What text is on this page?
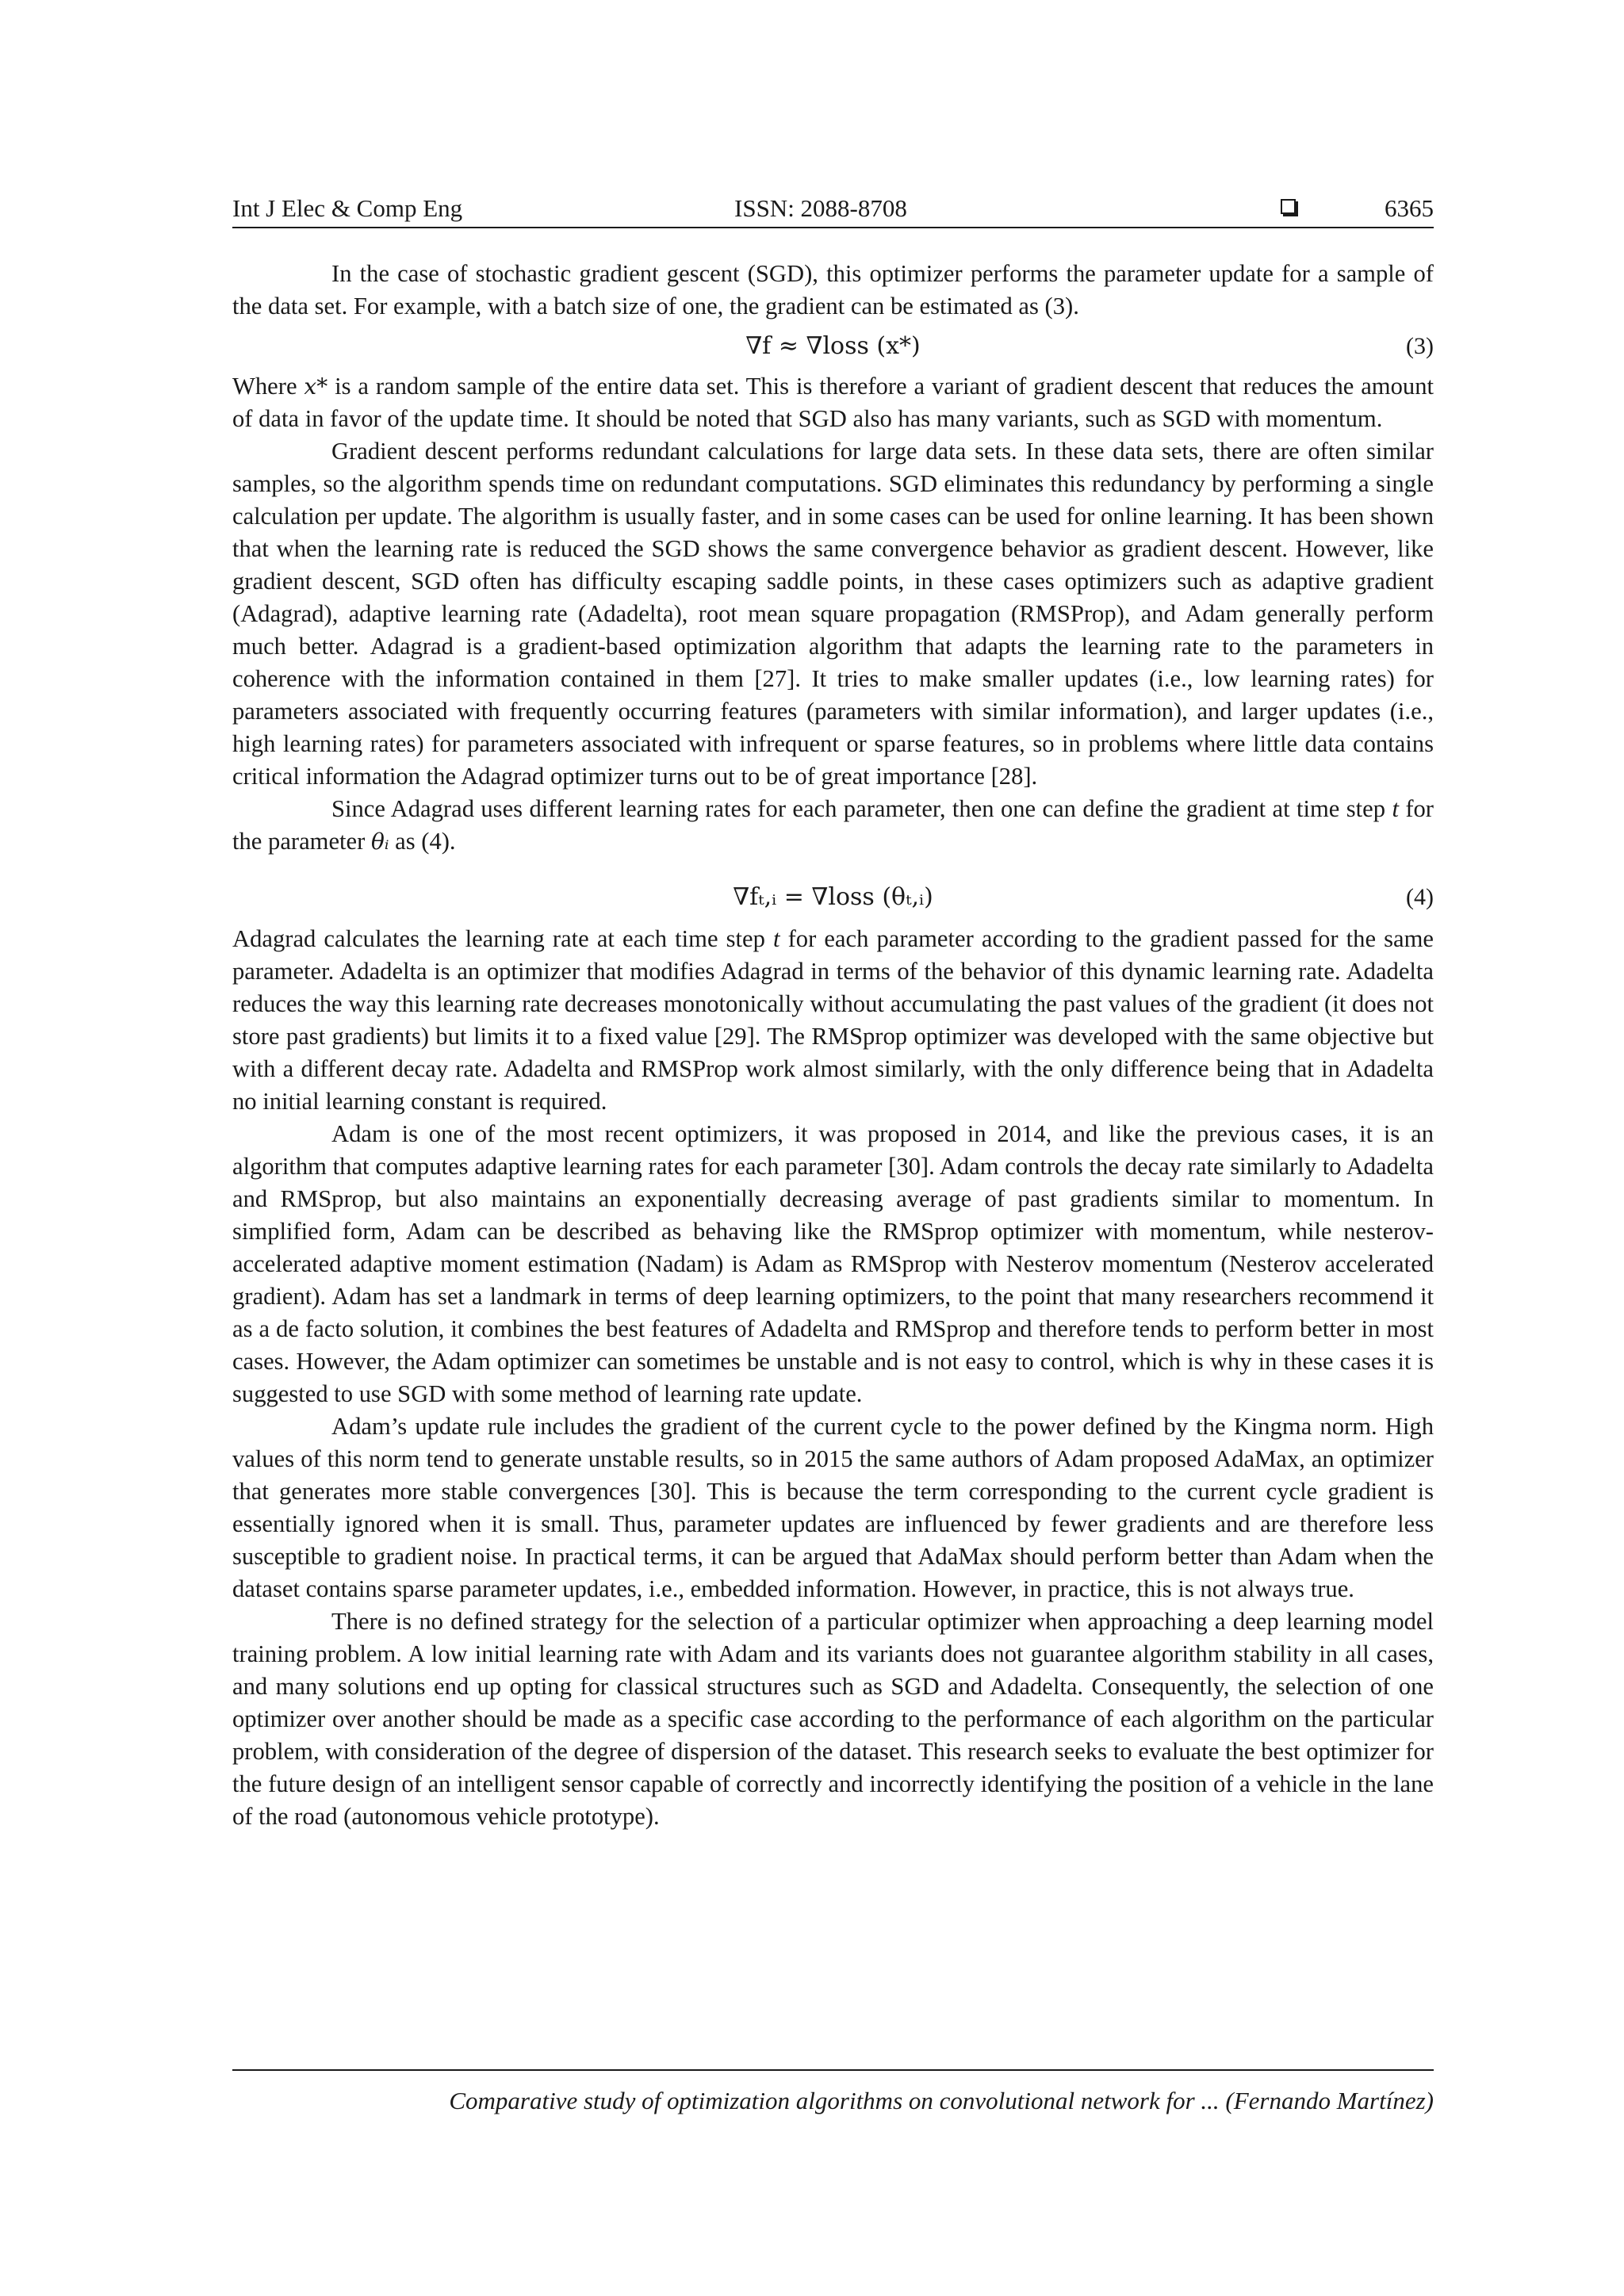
Int J Elec & Comp Eng	ISSN: 2088-8708	6365

In the case of stochastic gradient gescent (SGD), this optimizer performs the parameter update for a sample of the data set. For example, with a batch size of one, the gradient can be estimated as (3).

∇f ≈ ∇loss (x*)	(3)

Where x* is a random sample of the entire data set. This is therefore a variant of gradient descent that reduces the amount of data in favor of the update time. It should be noted that SGD also has many variants, such as SGD with momentum.

Gradient descent performs redundant calculations for large data sets. In these data sets, there are often similar samples, so the algorithm spends time on redundant computations. SGD eliminates this redundancy by performing a single calculation per update. The algorithm is usually faster, and in some cases can be used for online learning. It has been shown that when the learning rate is reduced the SGD shows the same convergence behavior as gradient descent. However, like gradient descent, SGD often has difficulty escaping saddle points, in these cases optimizers such as adaptive gradient (Adagrad), adaptive learning rate (Adadelta), root mean square propagation (RMSProp), and Adam generally perform much better. Adagrad is a gradient-based optimization algorithm that adapts the learning rate to the parameters in coherence with the information contained in them [27]. It tries to make smaller updates (i.e., low learning rates) for parameters associated with frequently occurring features (parameters with similar information), and larger updates (i.e., high learning rates) for parameters associated with infrequent or sparse features, so in problems where little data contains critical information the Adagrad optimizer turns out to be of great importance [28].

Since Adagrad uses different learning rates for each parameter, then one can define the gradient at time step t for the parameter θᵢ as (4).

∇fₜ,ᵢ = ∇loss (θₜ,ᵢ)	(4)

Adagrad calculates the learning rate at each time step t for each parameter according to the gradient passed for the same parameter. Adadelta is an optimizer that modifies Adagrad in terms of the behavior of this dynamic learning rate. Adadelta reduces the way this learning rate decreases monotonically without accumulating the past values of the gradient (it does not store past gradients) but limits it to a fixed value [29]. The RMSprop optimizer was developed with the same objective but with a different decay rate. Adadelta and RMSProp work almost similarly, with the only difference being that in Adadelta no initial learning constant is required.

Adam is one of the most recent optimizers, it was proposed in 2014, and like the previous cases, it is an algorithm that computes adaptive learning rates for each parameter [30]. Adam controls the decay rate similarly to Adadelta and RMSprop, but also maintains an exponentially decreasing average of past gradients similar to momentum. In simplified form, Adam can be described as behaving like the RMSprop optimizer with momentum, while nesterov-accelerated adaptive moment estimation (Nadam) is Adam as RMSprop with Nesterov momentum (Nesterov accelerated gradient). Adam has set a landmark in terms of deep learning optimizers, to the point that many researchers recommend it as a de facto solution, it combines the best features of Adadelta and RMSprop and therefore tends to perform better in most cases. However, the Adam optimizer can sometimes be unstable and is not easy to control, which is why in these cases it is suggested to use SGD with some method of learning rate update.

Adam’s update rule includes the gradient of the current cycle to the power defined by the Kingma norm. High values of this norm tend to generate unstable results, so in 2015 the same authors of Adam proposed AdaMax, an optimizer that generates more stable convergences [30]. This is because the term corresponding to the current cycle gradient is essentially ignored when it is small. Thus, parameter updates are influenced by fewer gradients and are therefore less susceptible to gradient noise. In practical terms, it can be argued that AdaMax should perform better than Adam when the dataset contains sparse parameter updates, i.e., embedded information. However, in practice, this is not always true.

There is no defined strategy for the selection of a particular optimizer when approaching a deep learning model training problem. A low initial learning rate with Adam and its variants does not guarantee algorithm stability in all cases, and many solutions end up opting for classical structures such as SGD and Adadelta. Consequently, the selection of one optimizer over another should be made as a specific case according to the performance of each algorithm on the particular problem, with consideration of the degree of dispersion of the dataset. This research seeks to evaluate the best optimizer for the future design of an intelligent sensor capable of correctly and incorrectly identifying the position of a vehicle in the lane of the road (autonomous vehicle prototype).

Comparative study of optimization algorithms on convolutional network for ... (Fernando Martínez)
